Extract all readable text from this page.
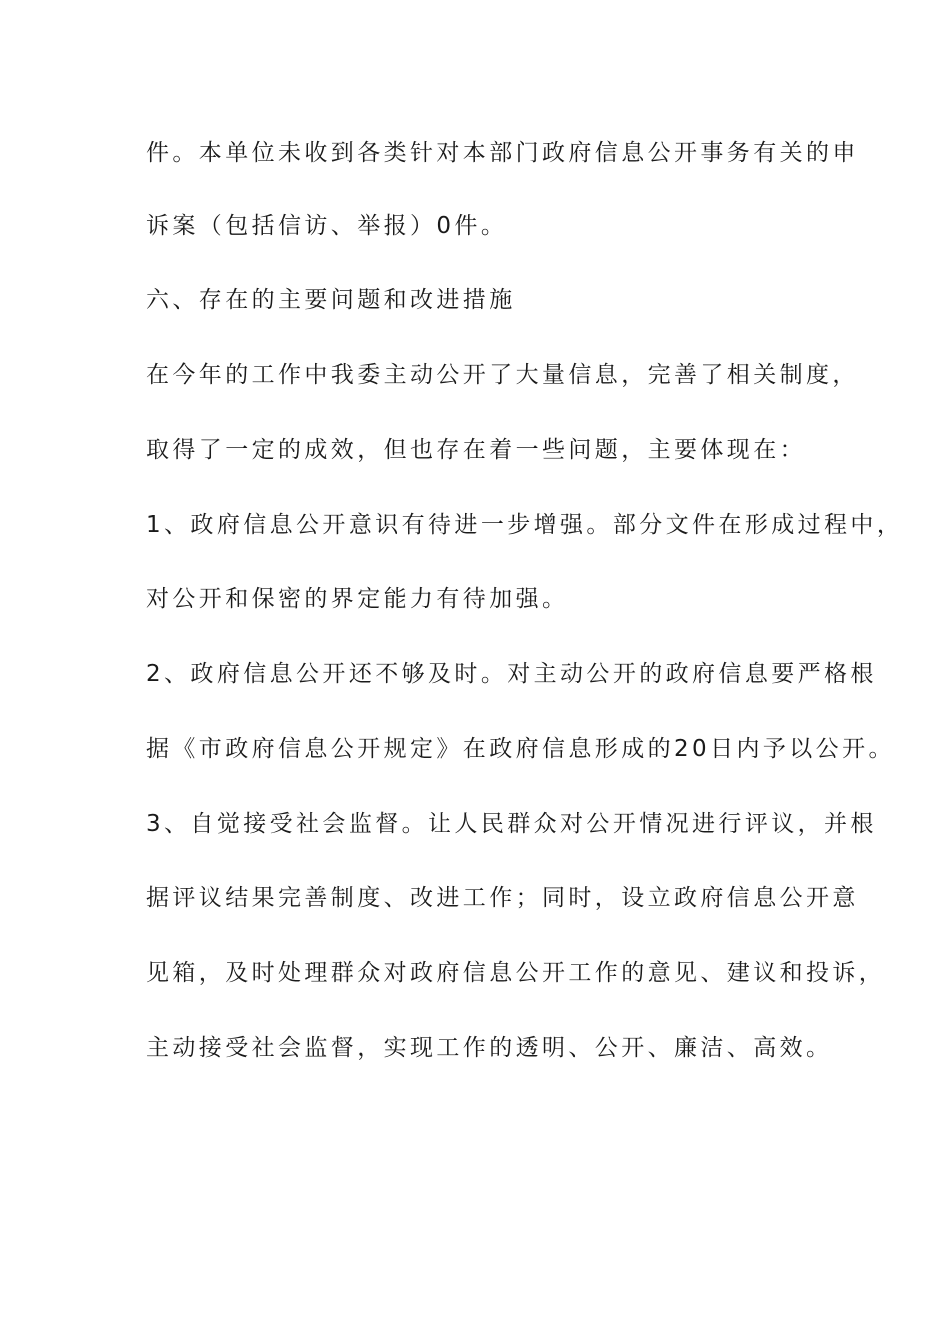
件。本单位未收到各类针对本部门政府信息公开事务有关的申
诉案（包括信访、举报）0件。
六、存在的主要问题和改进措施
在今年的工作中我委主动公开了大量信息，完善了相关制度，
取得了一定的成效，但也存在着一些问题，主要体现在：
1、政府信息公开意识有待进一步增强。部分文件在形成过程中，
对公开和保密的界定能力有待加强。
2、政府信息公开还不够及时。对主动公开的政府信息要严格根
据《市政府信息公开规定》在政府信息形成的20日内予以公开。
3、自觉接受社会监督。让人民群众对公开情况进行评议，并根
据评议结果完善制度、改进工作；同时，设立政府信息公开意
见箱，及时处理群众对政府信息公开工作的意见、建议和投诉，
主动接受社会监督，实现工作的透明、公开、廉洁、高效。
